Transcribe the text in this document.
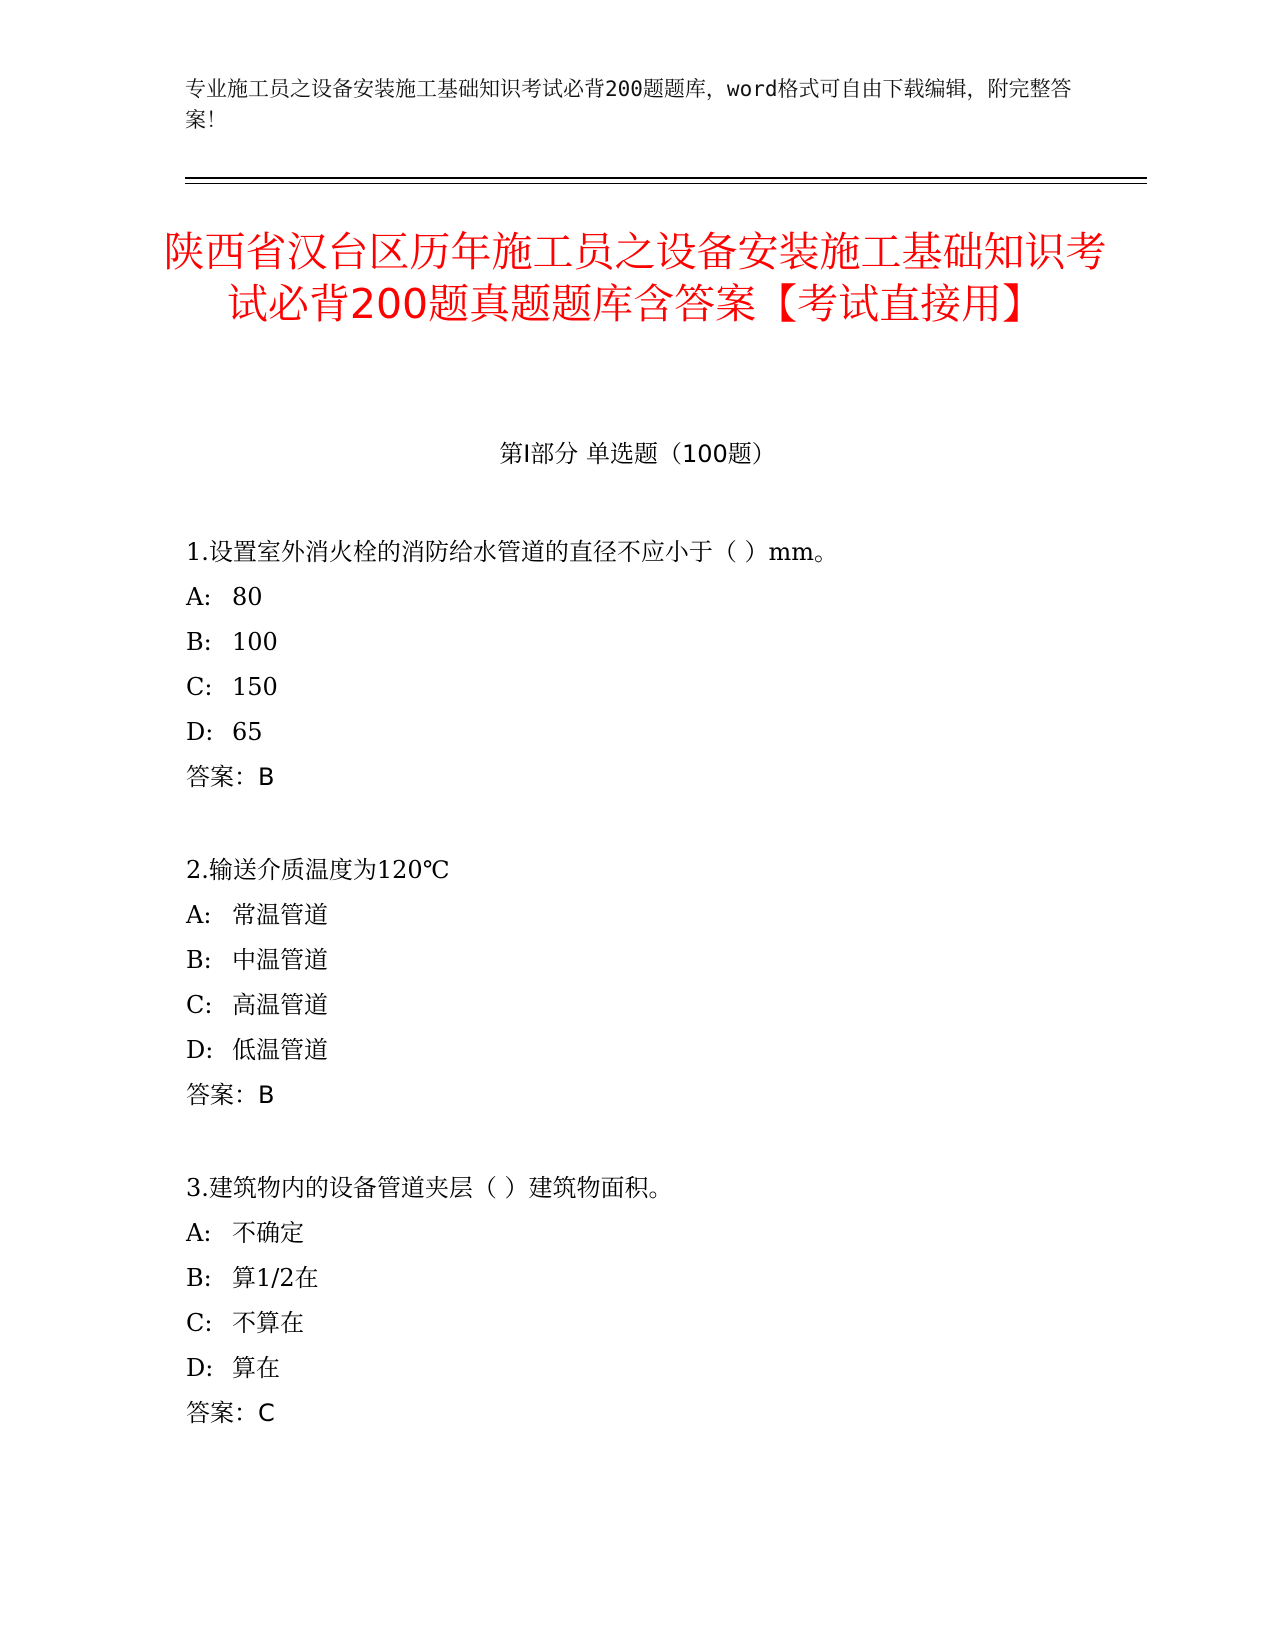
专业施工员之设备安装施工基础知识考试必背200题题库，word格式可自由下载编辑，附完整答案！
陕西省汉台区历年施工员之设备安装施工基础知识考试必背200题真题题库含答案【考试直接用】
第Ⅰ部分 单选题（100题）
1.设置室外消火栓的消防给水管道的直径不应小于（ ）mm。
A: 80
B: 100
C: 150
D: 65
答案：B
2.输送介质温度为120℃
A: 常温管道
B: 中温管道
C: 高温管道
D: 低温管道
答案：B
3.建筑物内的设备管道夹层（ ）建筑物面积。
A: 不确定
B: 算1/2在
C: 不算在
D: 算在
答案：C
